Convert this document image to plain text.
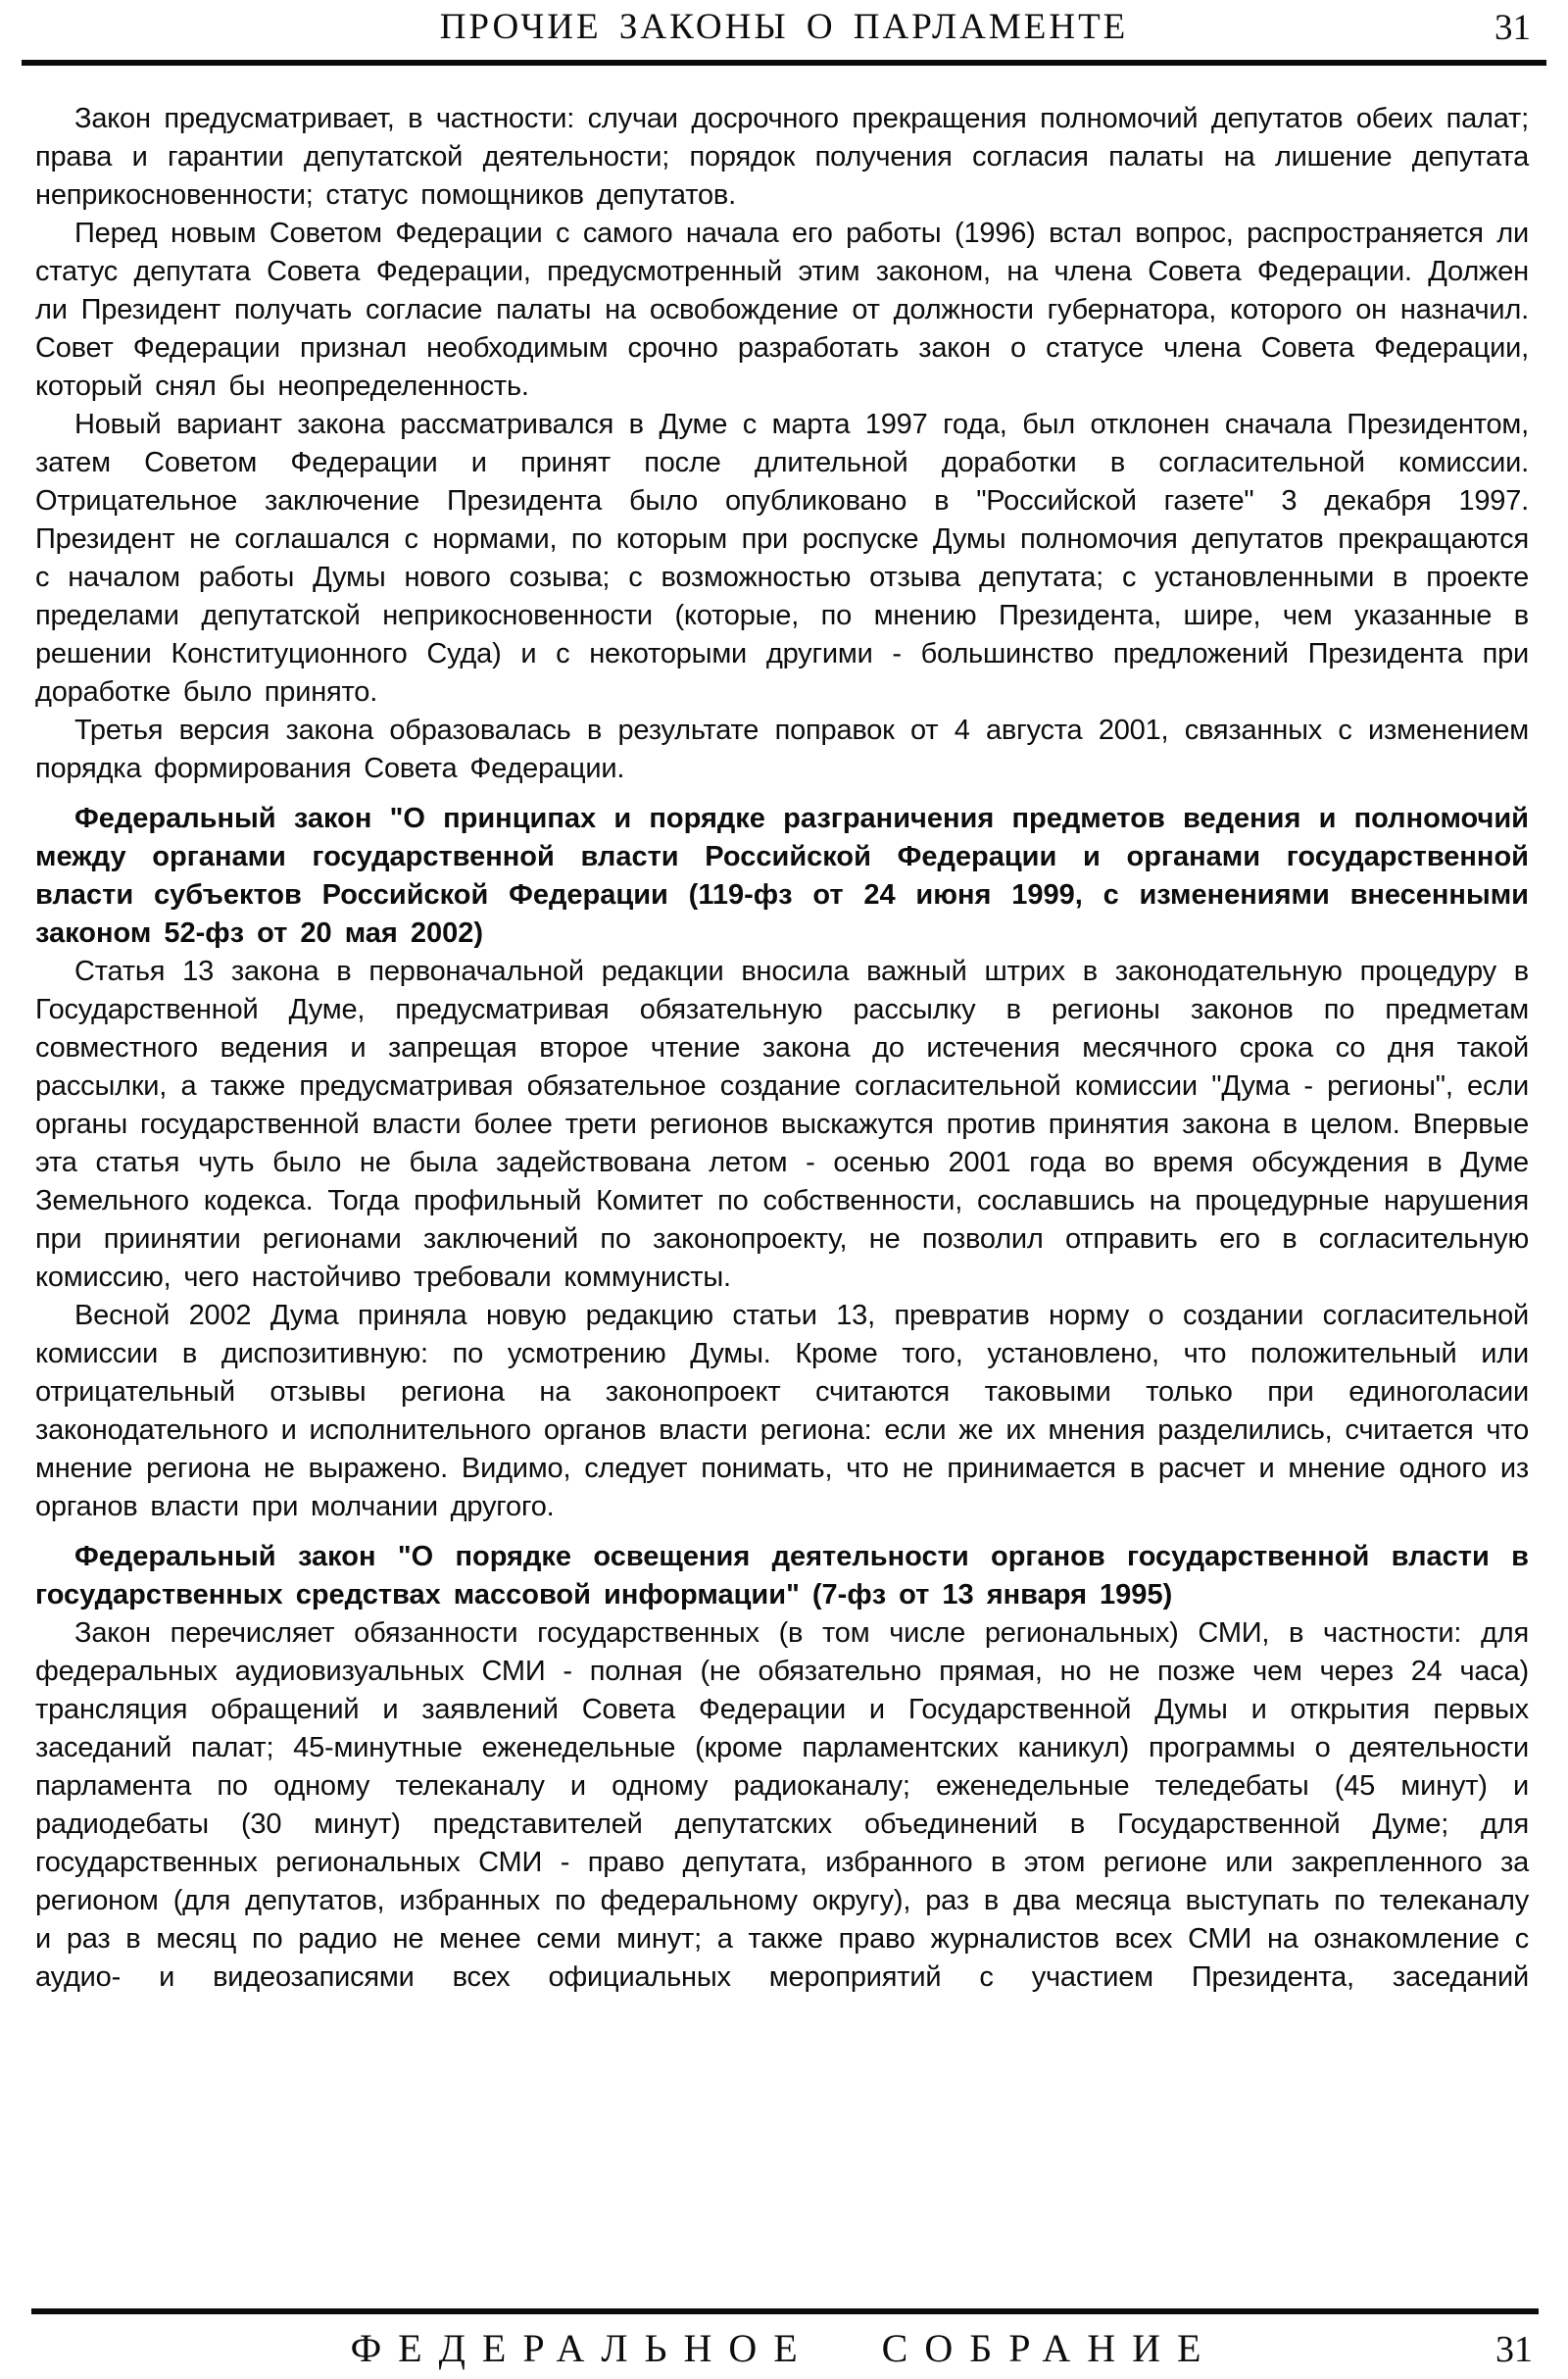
ПРОЧИЕ ЗАКОНЫ О ПАРЛАМЕНТЕ	31

Закон предусматривает, в частности: случаи досрочного прекращения полномочий депутатов обеих палат; права и гарантии депутатской деятельности; порядок получения согласия палаты на лишение депутата неприкосновенности; статус помощников депутатов.

Перед новым Советом Федерации с самого начала его работы (1996) встал вопрос, распространяется ли статус депутата Совета Федерации, предусмотренный этим законом, на члена Совета Федерации. Должен ли Президент получать согласие палаты на освобождение от должности губернатора, которого он назначил. Совет Федерации признал необходимым срочно разработать закон о статусе члена Совета Федерации, который снял бы неопределенность.

Новый вариант закона рассматривался в Думе с марта 1997 года, был отклонен сначала Президентом, затем Советом Федерации и принят после длительной доработки в согласительной комиссии. Отрицательное заключение Президента было опубликовано в "Российской газете" 3 декабря 1997. Президент не соглашался с нормами, по которым при роспуске Думы полномочия депутатов прекращаются с началом работы Думы нового созыва; с возможностью отзыва депутата; с установленными в проекте пределами депутатской неприкосновенности (которые, по мнению Президента, шире, чем указанные в решении Конституционного Суда) и с некоторыми другими - большинство предложений Президента при доработке было принято.

Третья версия закона образовалась в результате поправок от 4 августа 2001, связанных с изменением порядка формирования Совета Федерации.

Федеральный закон "О принципах и порядке разграничения предметов ведения и полномочий между органами государственной власти Российской Федерации и органами государственной власти субъектов Российской Федерации (119-фз от 24 июня 1999, с изменениями внесенными законом 52-фз от 20 мая 2002)

Статья 13 закона в первоначальной редакции вносила важный штрих в законодательную процедуру в Государственной Думе, предусматривая обязательную рассылку в регионы законов по предметам совместного ведения и запрещая второе чтение закона до истечения месячного срока со дня такой рассылки, а также предусматривая обязательное создание согласительной комиссии "Дума - регионы", если органы государственной власти более трети регионов выскажутся против принятия закона в целом. Впервые эта статья чуть было не была задействована летом - осенью 2001 года во время обсуждения в Думе Земельного кодекса. Тогда профильный Комитет по собственности, сославшись на процедурные нарушения при приинятии регионами заключений по законопроекту, не позволил отправить его в согласительную комиссию, чего настойчиво требовали коммунисты.

Весной 2002 Дума приняла новую редакцию статьи 13, превратив норму о создании согласительной комиссии в диспозитивную: по усмотрению Думы. Кроме того, установлено, что положительный или отрицательный отзывы региона на законопроект считаются таковыми только при единоголасии законодательного и исполнительного органов власти региона: если же их мнения разделились, считается что мнение региона не выражено. Видимо, следует понимать, что не принимается в расчет и мнение одного из органов власти при молчании другого.

Федеральный закон "О порядке освещения деятельности органов государственной власти в государственных средствах массовой информации" (7-фз от 13 января 1995)

Закон перечисляет обязанности государственных (в том числе региональных) СМИ, в частности: для федеральных аудиовизуальных СМИ - полная (не обязательно прямая, но не позже чем через 24 часа) трансляция обращений и заявлений Совета Федерации и Государственной Думы и открытия первых заседаний палат; 45-минутные еженедельные (кроме парламентских каникул) программы о деятельности парламента по одному телеканалу и одному радиоканалу; еженедельные теледебаты (45 минут) и радиодебаты (30 минут) представителей депутатских объединений в Государственной Думе; для государственных региональных СМИ - право депутата, избранного в этом регионе или закрепленного за регионом (для депутатов, избранных по федеральному округу), раз в два месяца выступать по телеканалу и раз в месяц по радио не менее семи минут; а также право журналистов всех СМИ на ознакомление с аудио- и видеозаписями всех официальных мероприятий с участием Президента, заседаний

ФЕДЕРАЛЬНОЕ СОБРАНИЕ	31
